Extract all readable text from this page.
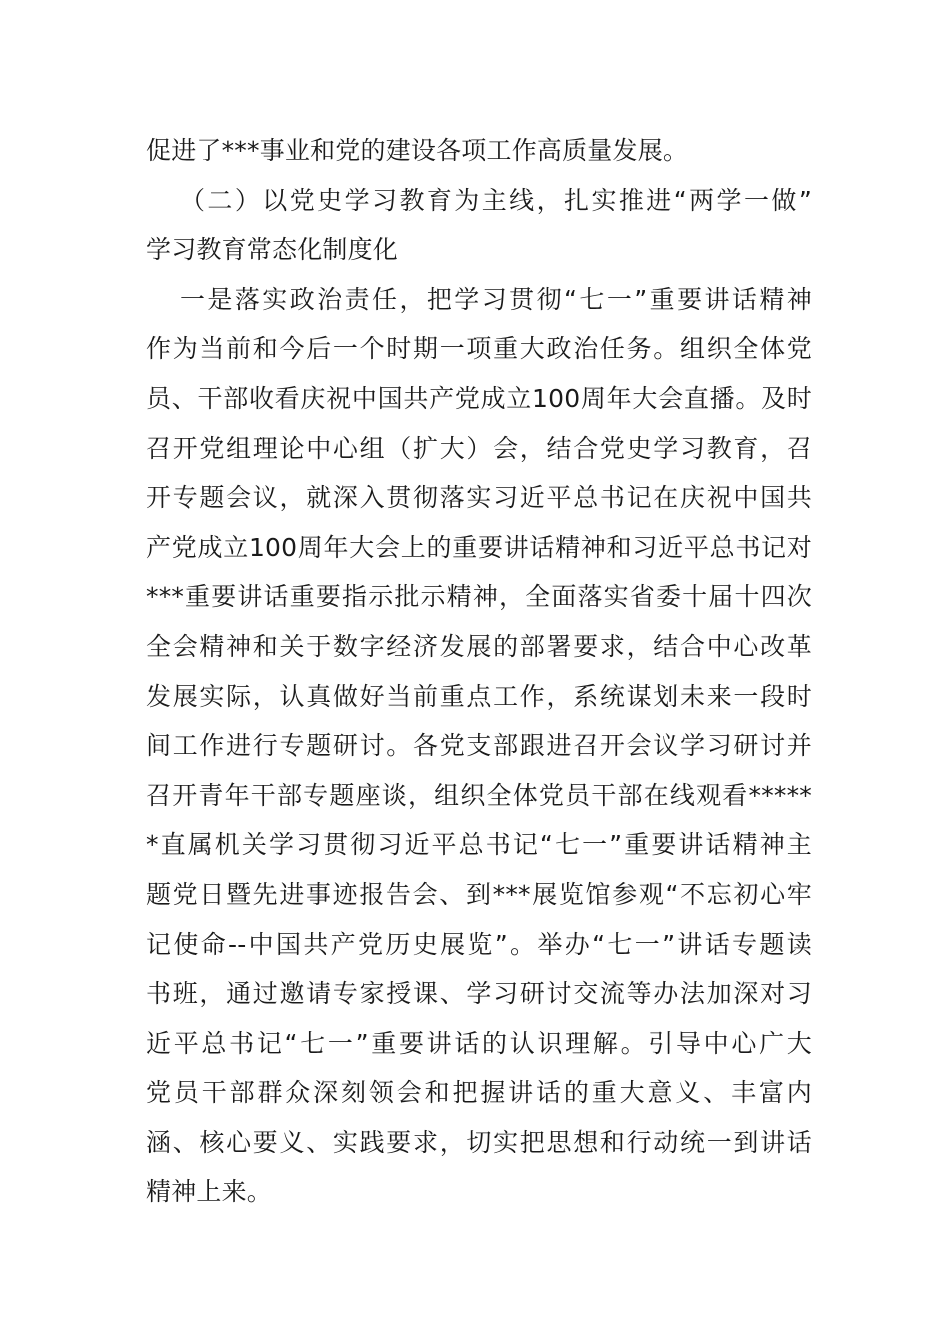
促进了***事业和党的建设各项工作高质量发展。
（二）以党史学习教育为主线，扎实推进“两学一做”
学习教育常态化制度化
一是落实政治责任，把学习贯彻“七一”重要讲话精神
作为当前和今后一个时期一项重大政治任务。组织全体党
员、干部收看庆祝中国共产党成立100周年大会直播。及时
召开党组理论中心组（扩大）会，结合党史学习教育，召
开专题会议，就深入贯彻落实习近平总书记在庆祝中国共
产党成立100周年大会上的重要讲话精神和习近平总书记对
***重要讲话重要指示批示精神，全面落实省委十届十四次
全会精神和关于数字经济发展的部署要求，结合中心改革
发展实际，认真做好当前重点工作，系统谋划未来一段时
间工作进行专题研讨。各党支部跟进召开会议学习研讨并
召开青年干部专题座谈，组织全体党员干部在线观看*****
*直属机关学习贯彻习近平总书记“七一”重要讲话精神主
题党日暨先进事迹报告会、到***展览馆参观“不忘初心牢
记使命--中国共产党历史展览”。举办“七一”讲话专题读
书班，通过邀请专家授课、学习研讨交流等办法加深对习
近平总书记“七一”重要讲话的认识理解。引导中心广大
党员干部群众深刻领会和把握讲话的重大意义、丰富内
涵、核心要义、实践要求，切实把思想和行动统一到讲话
精神上来。
